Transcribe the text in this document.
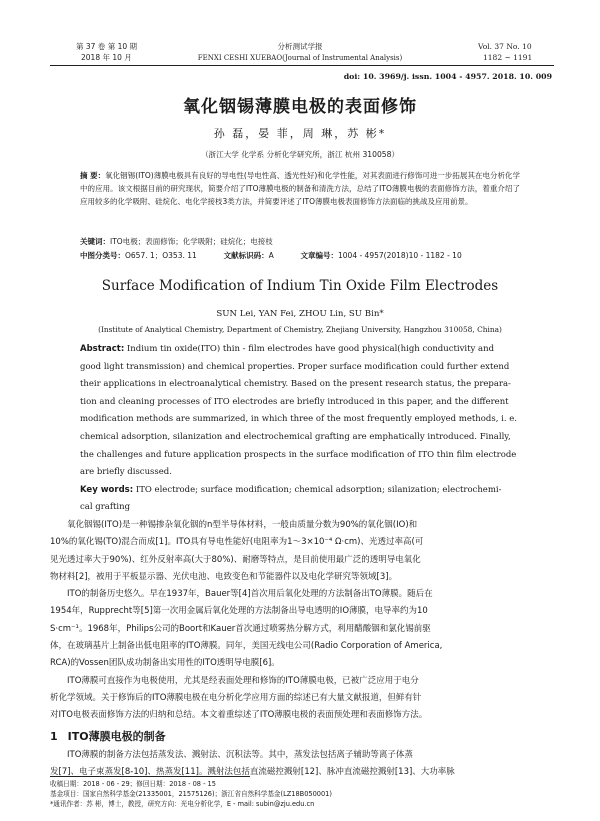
第 37 卷 第 10 期
2018 年 10 月
分析测试学报
FENXI CESHI XUEBAO(Journal of Instrumental Analysis)
Vol. 37 No. 10
1182 ~ 1191
doi: 10. 3969/j. issn. 1004 - 4957. 2018. 10. 009
氧化铟锡薄膜电极的表面修饰
孙 磊，晏 菲，周 琳，苏 彬*
（浙江大学 化学系 分析化学研究所，浙江 杭州 310058）
摘 要：氧化铟锡(ITO)薄膜电极具有良好的导电性(导电性高、透光性好)和化学性能，对其表面进行修饰可进一步拓展其在电分析化学中的应用。该文根据目前的研究现状，简要介绍了ITO薄膜电极的制备和清洗方法，总结了ITO薄膜电极的表面修饰方法，着重介绍了应用较多的化学吸附、硅烷化、电化学接枝3类方法，并简要评述了ITO薄膜电极表面修饰方法面临的挑战及应用前景。
关键词：ITO电极；表面修饰；化学吸附；硅烷化；电接枝
中图分类号：O657. 1；O353. 11	文献标识码：A	文章编号：1004 - 4957(2018)10 - 1182 - 10
Surface Modification of Indium Tin Oxide Film Electrodes
SUN Lei, YAN Fei, ZHOU Lin, SU Bin*
(Institute of Analytical Chemistry, Department of Chemistry, Zhejiang University, Hangzhou 310058, China)
Abstract: Indium tin oxide(ITO) thin - film electrodes have good physical(high conductivity and
good light transmission) and chemical properties. Proper surface modification could further extend
their applications in electroanalytical chemistry. Based on the present research status, the prepara-
tion and cleaning processes of ITO electrodes are briefly introduced in this paper, and the different
modification methods are summarized, in which three of the most frequently employed methods, i. e.
chemical adsorption, silanization and electrochemical grafting are emphatically introduced. Finally,
the challenges and future application prospects in the surface modification of ITO thin film electrode
are briefly discussed.
Key words: ITO electrode; surface modification; chemical adsorption; silanization; electrochemi-
cal grafting
氧化铟锡(ITO)是一种锡掺杂氧化铟的n型半导体材料，一般由质量分数为90%的氧化铟(IO)和
10%的氧化锡(TO)混合而成[1]。ITO具有导电性能好(电阻率为1～3×10⁻⁴ Ω·cm)、光透过率高(可
见光透过率大于90%)、红外反射率高(大于80%)、耐磨等特点，是目前使用最广泛的透明导电氧化
物材料[2]，被用于平板显示器、光伏电池、电致变色和节能器件以及电化学研究等领域[3]。
ITO的制备历史悠久。早在1937年，Bauer等[4]首次用后氧化处理的方法制备出TO薄膜。随后在
1954年，Rupprecht等[5]第一次用金属后氧化处理的方法制备出导电透明的IO薄膜，电导率约为10
S·cm⁻¹。1968年，Philips公司的Boort和Kauer首次通过喷雾热分解方式，利用醋酸铟和氯化锡前驱
体，在玻璃基片上制备出低电阻率的ITO薄膜。同年，美国无线电公司(Radio Corporation of America,
RCA)的Vossen团队成功制备出实用性的ITO透明导电膜[6]。
ITO薄膜可直接作为电极使用，尤其是经表面处理和修饰的ITO薄膜电极，已被广泛应用于电分
析化学领域。关于修饰后的ITO薄膜电极在电分析化学应用方面的综述已有大量文献报道，但鲜有针
对ITO电极表面修饰方法的归纳和总结。本文着重综述了ITO薄膜电极的表面预处理和表面修饰方法。
1 ITO薄膜电极的制备
ITO薄膜的制备方法包括蒸发法、溅射法、沉积法等。其中，蒸发法包括离子辅助等离子体蒸
发[7]、电子束蒸发[8-10]、热蒸发[11]。溅射法包括直流磁控溅射[12]、脉冲直流磁控溅射[13]、大功率脉
收稿日期：2018 - 06 - 29；修回日期：2018 - 08 - 15
基金项目：国家自然科学基金(21335001，21575126)；浙江省自然科学基金(LZ18B050001)
*通讯作者：苏 彬，博士，教授，研究方向：光电分析化学，E - mail: subin@zju.edu.cn
